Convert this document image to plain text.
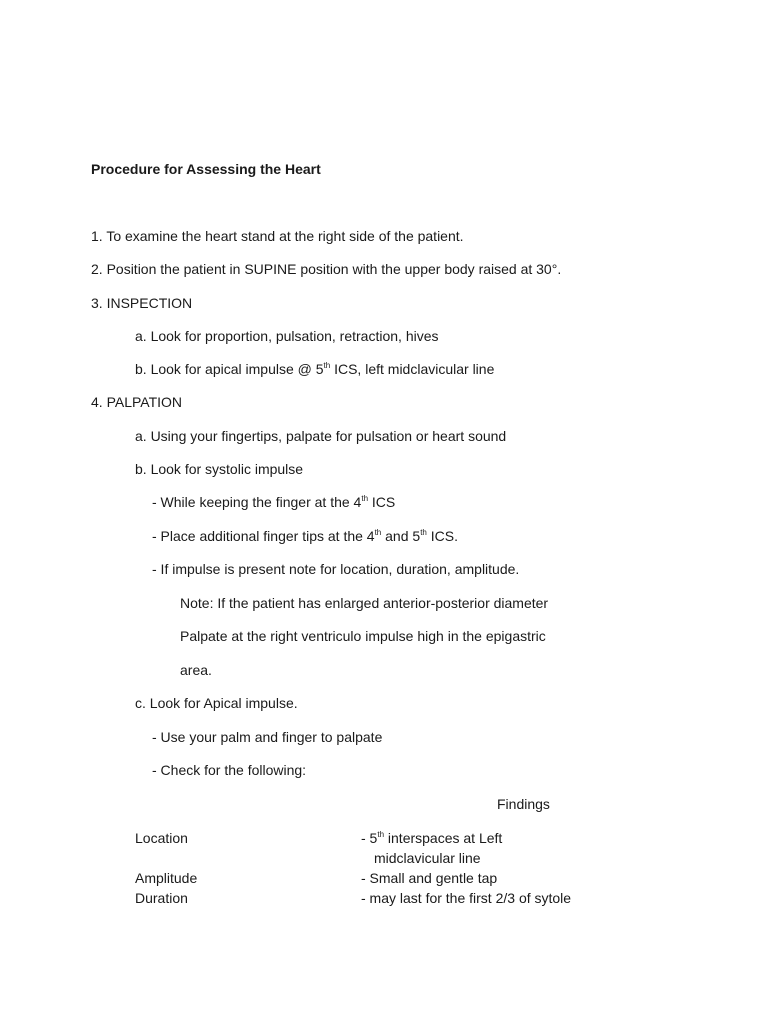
Procedure for Assessing the Heart
1. To examine the heart stand at the right side of the patient.
2. Position the patient in SUPINE position with the upper body raised at 30°.
3. INSPECTION
a. Look for proportion, pulsation, retraction, hives
b. Look for apical impulse @ 5th ICS, left midclavicular line
4. PALPATION
a. Using your fingertips, palpate for pulsation or heart sound
b. Look for systolic impulse
- While keeping the finger at the 4th ICS
- Place additional finger tips at the 4th and 5th ICS.
- If impulse is present note for location, duration, amplitude.
Note: If the patient has enlarged anterior-posterior diameter
Palpate at the right ventriculo impulse high in the epigastric
area.
c. Look for Apical impulse.
- Use your palm and finger to palpate
- Check for the following:
Findings
Location	- 5th interspaces at Left
midclavicular line
Amplitude	- Small and gentle tap
Duration	- may last for the first 2/3 of sytole
